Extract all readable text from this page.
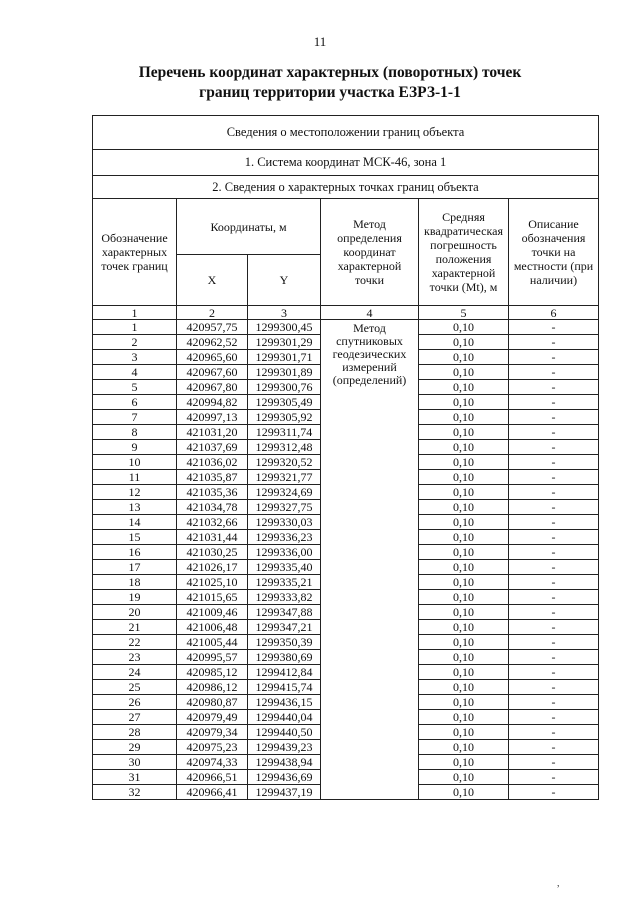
11
Перечень координат характерных (поворотных) точек
границ территории участка ЕЗРЗ-1-1
Сведения о местоположении границ объекта					
1. Система координат МСК-46, зона 1					
2. Сведения о характерных точках границ объекта					
Обозначение характерных точек границ	Координаты, м		Метод определения координат характерной точки	Средняя квадратическая погрешность положения характерной точки (Mt), м	Описание обозначения точки на местности (при наличии)
	X	Y			
1	2	3	4	5	6
1	420957,75	1299300,45	Метод спутниковых геодезических измерений (определений)	0,10	-
2	420962,52	1299301,29		0,10	-
3	420965,60	1299301,71		0,10	-
4	420967,60	1299301,89		0,10	-
5	420967,80	1299300,76		0,10	-
6	420994,82	1299305,49		0,10	-
7	420997,13	1299305,92		0,10	-
8	421031,20	1299311,74		0,10	-
9	421037,69	1299312,48		0,10	-
10	421036,02	1299320,52		0,10	-
11	421035,87	1299321,77		0,10	-
12	421035,36	1299324,69		0,10	-
13	421034,78	1299327,75		0,10	-
14	421032,66	1299330,03		0,10	-
15	421031,44	1299336,23		0,10	-
16	421030,25	1299336,00		0,10	-
17	421026,17	1299335,40		0,10	-
18	421025,10	1299335,21		0,10	-
19	421015,65	1299333,82		0,10	-
20	421009,46	1299347,88		0,10	-
21	421006,48	1299347,21		0,10	-
22	421005,44	1299350,39		0,10	-
23	420995,57	1299380,69		0,10	-
24	420985,12	1299412,84		0,10	-
25	420986,12	1299415,74		0,10	-
26	420980,87	1299436,15		0,10	-
27	420979,49	1299440,04		0,10	-
28	420979,34	1299440,50		0,10	-
29	420975,23	1299439,23		0,10	-
30	420974,33	1299438,94		0,10	-
31	420966,51	1299436,69		0,10	-
32	420966,41	1299437,19		0,10	-
,
